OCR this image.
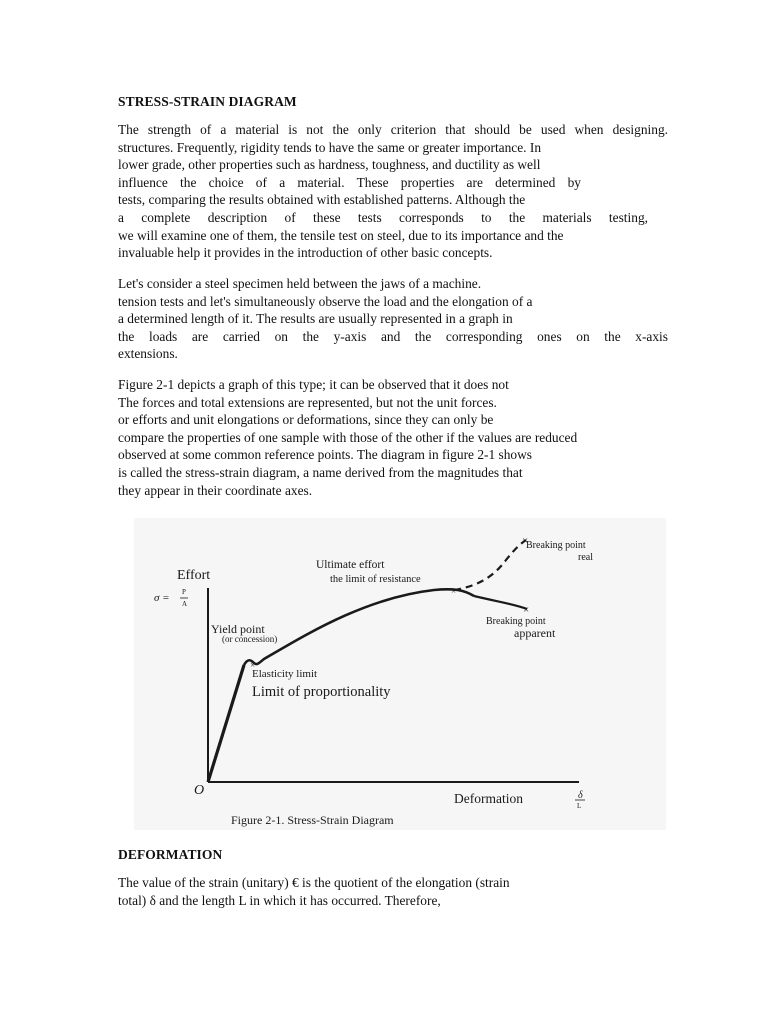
STRESS-STRAIN DIAGRAM
The strength of a material is not the only criterion that should be used when designing.
structures. Frequently, rigidity tends to have the same or greater importance. In
lower grade, other properties such as hardness, toughness, and ductility as well
influence the choice of a material. These properties are determined by
tests, comparing the results obtained with established patterns. Although the
a complete description of these tests corresponds to the materials testing,
we will examine one of them, the tensile test on steel, due to its importance and the
invaluable help it provides in the introduction of other basic concepts.
Let's consider a steel specimen held between the jaws of a machine.
tension tests and let's simultaneously observe the load and the elongation of a
a determined length of it. The results are usually represented in a graph in
the loads are carried on the y-axis and the corresponding ones on the x-axis
extensions.
Figure 2-1 depicts a graph of this type; it can be observed that it does not
The forces and total extensions are represented, but not the unit forces.
or efforts and unit elongations or deformations, since they can only be
compare the properties of one sample with those of the other if the values are reduced
observed at some common reference points. The diagram in figure 2-1 shows
is called the stress-strain diagram, a name derived from the magnitudes that
they appear in their coordinate axes.
×
×
×
×
Effort
σ = P
A
O
Deformation	δ
L
Yield point
(or concession)
Elasticity limit
Limit of proportionality
Ultimate effort
the limit of resistance
Breaking point
real
Breaking point
apparent
Figure 2-1. Stress-Strain Diagram
DEFORMATION
The value of the strain (unitary) € is the quotient of the elongation (strain
total) δ and the length L in which it has occurred. Therefore,
